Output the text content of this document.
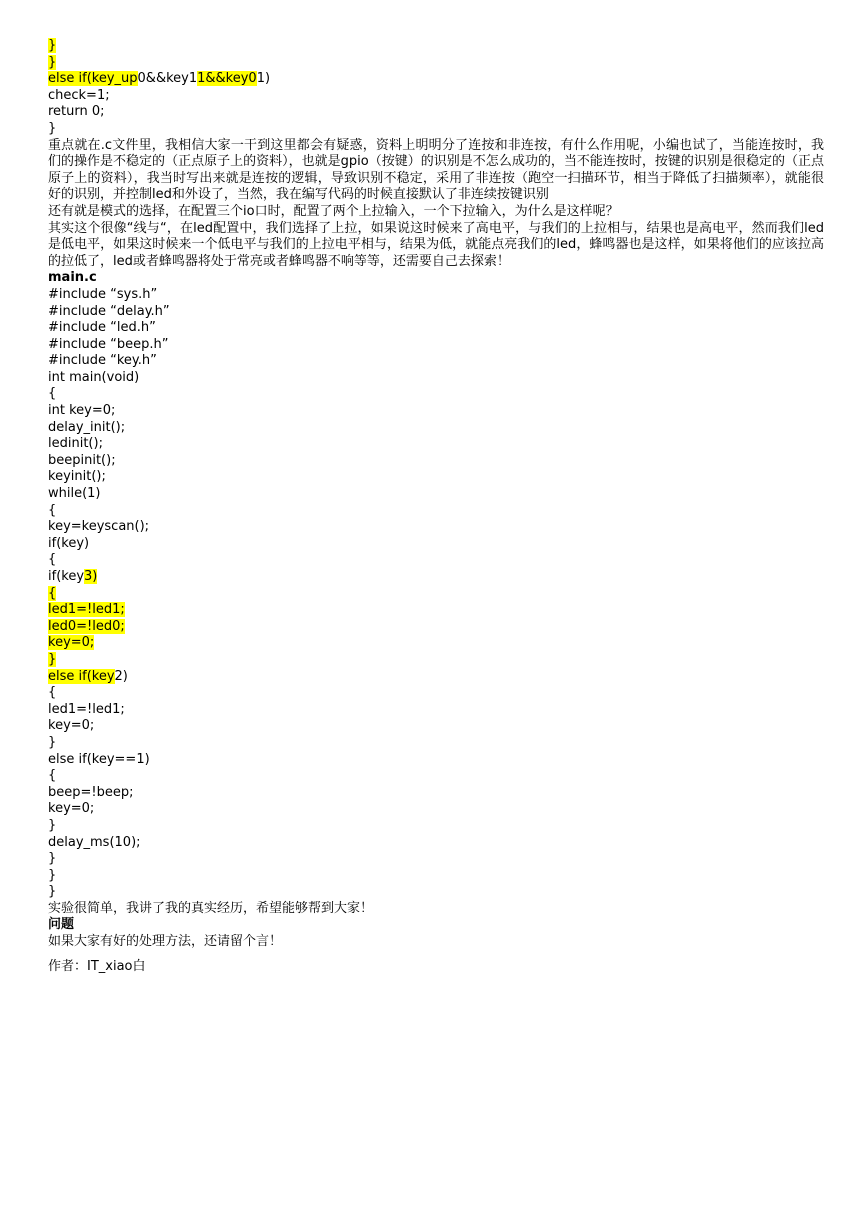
}
}
else if(key_up0&&key11&&key01)
check=1;
return 0;
}
重点就在.c文件里，我相信大家一干到这里都会有疑惑，资料上明明分了连按和非连按，有什么作用呢，小编也试了，当能连按时，我们的操作是不稳定的（正点原子上的资料），也就是gpio（按键）的识别是不怎么成功的，当不能连按时，按键的识别是很稳定的（正点原子上的资料），我当时写出来就是连按的逻辑，导致识别不稳定，采用了非连按（跑空一扫描环节，相当于降低了扫描频率），就能很好的识别，并控制led和外设了，当然，我在编写代码的时候直接默认了非连续按键识别
还有就是模式的选择，在配置三个io口时，配置了两个上拉输入，一个下拉输入，为什么是这样呢？
其实这个很像“线与“，在led配置中，我们选择了上拉，如果说这时候来了高电平，与我们的上拉相与，结果也是高电平，然而我们led是低电平，如果这时候来一个低电平与我们的上拉电平相与，结果为低，就能点亮我们的led，蜂鸣器也是这样，如果将他们的应该拉高的拉低了，led或者蜂鸣器将处于常亮或者蜂鸣器不响等等，还需要自己去探索！
main.c
#include “sys.h”
#include “delay.h”
#include “led.h”
#include “beep.h”
#include “key.h”
int main(void)
{
int key=0;
delay_init();
ledinit();
beepinit();
keyinit();
while(1)
{
key=keyscan();
if(key)
{
if(key3)
{
led1=!led1;
led0=!led0;
key=0;
}
else if(key2)
{
led1=!led1;
key=0;
}
else if(key==1)
{
beep=!beep;
key=0;
}
delay_ms(10);
}
}
}
实验很简单，我讲了我的真实经历，希望能够帮到大家！
问题
如果大家有好的处理方法，还请留个言！
作者：IT_xiao白
